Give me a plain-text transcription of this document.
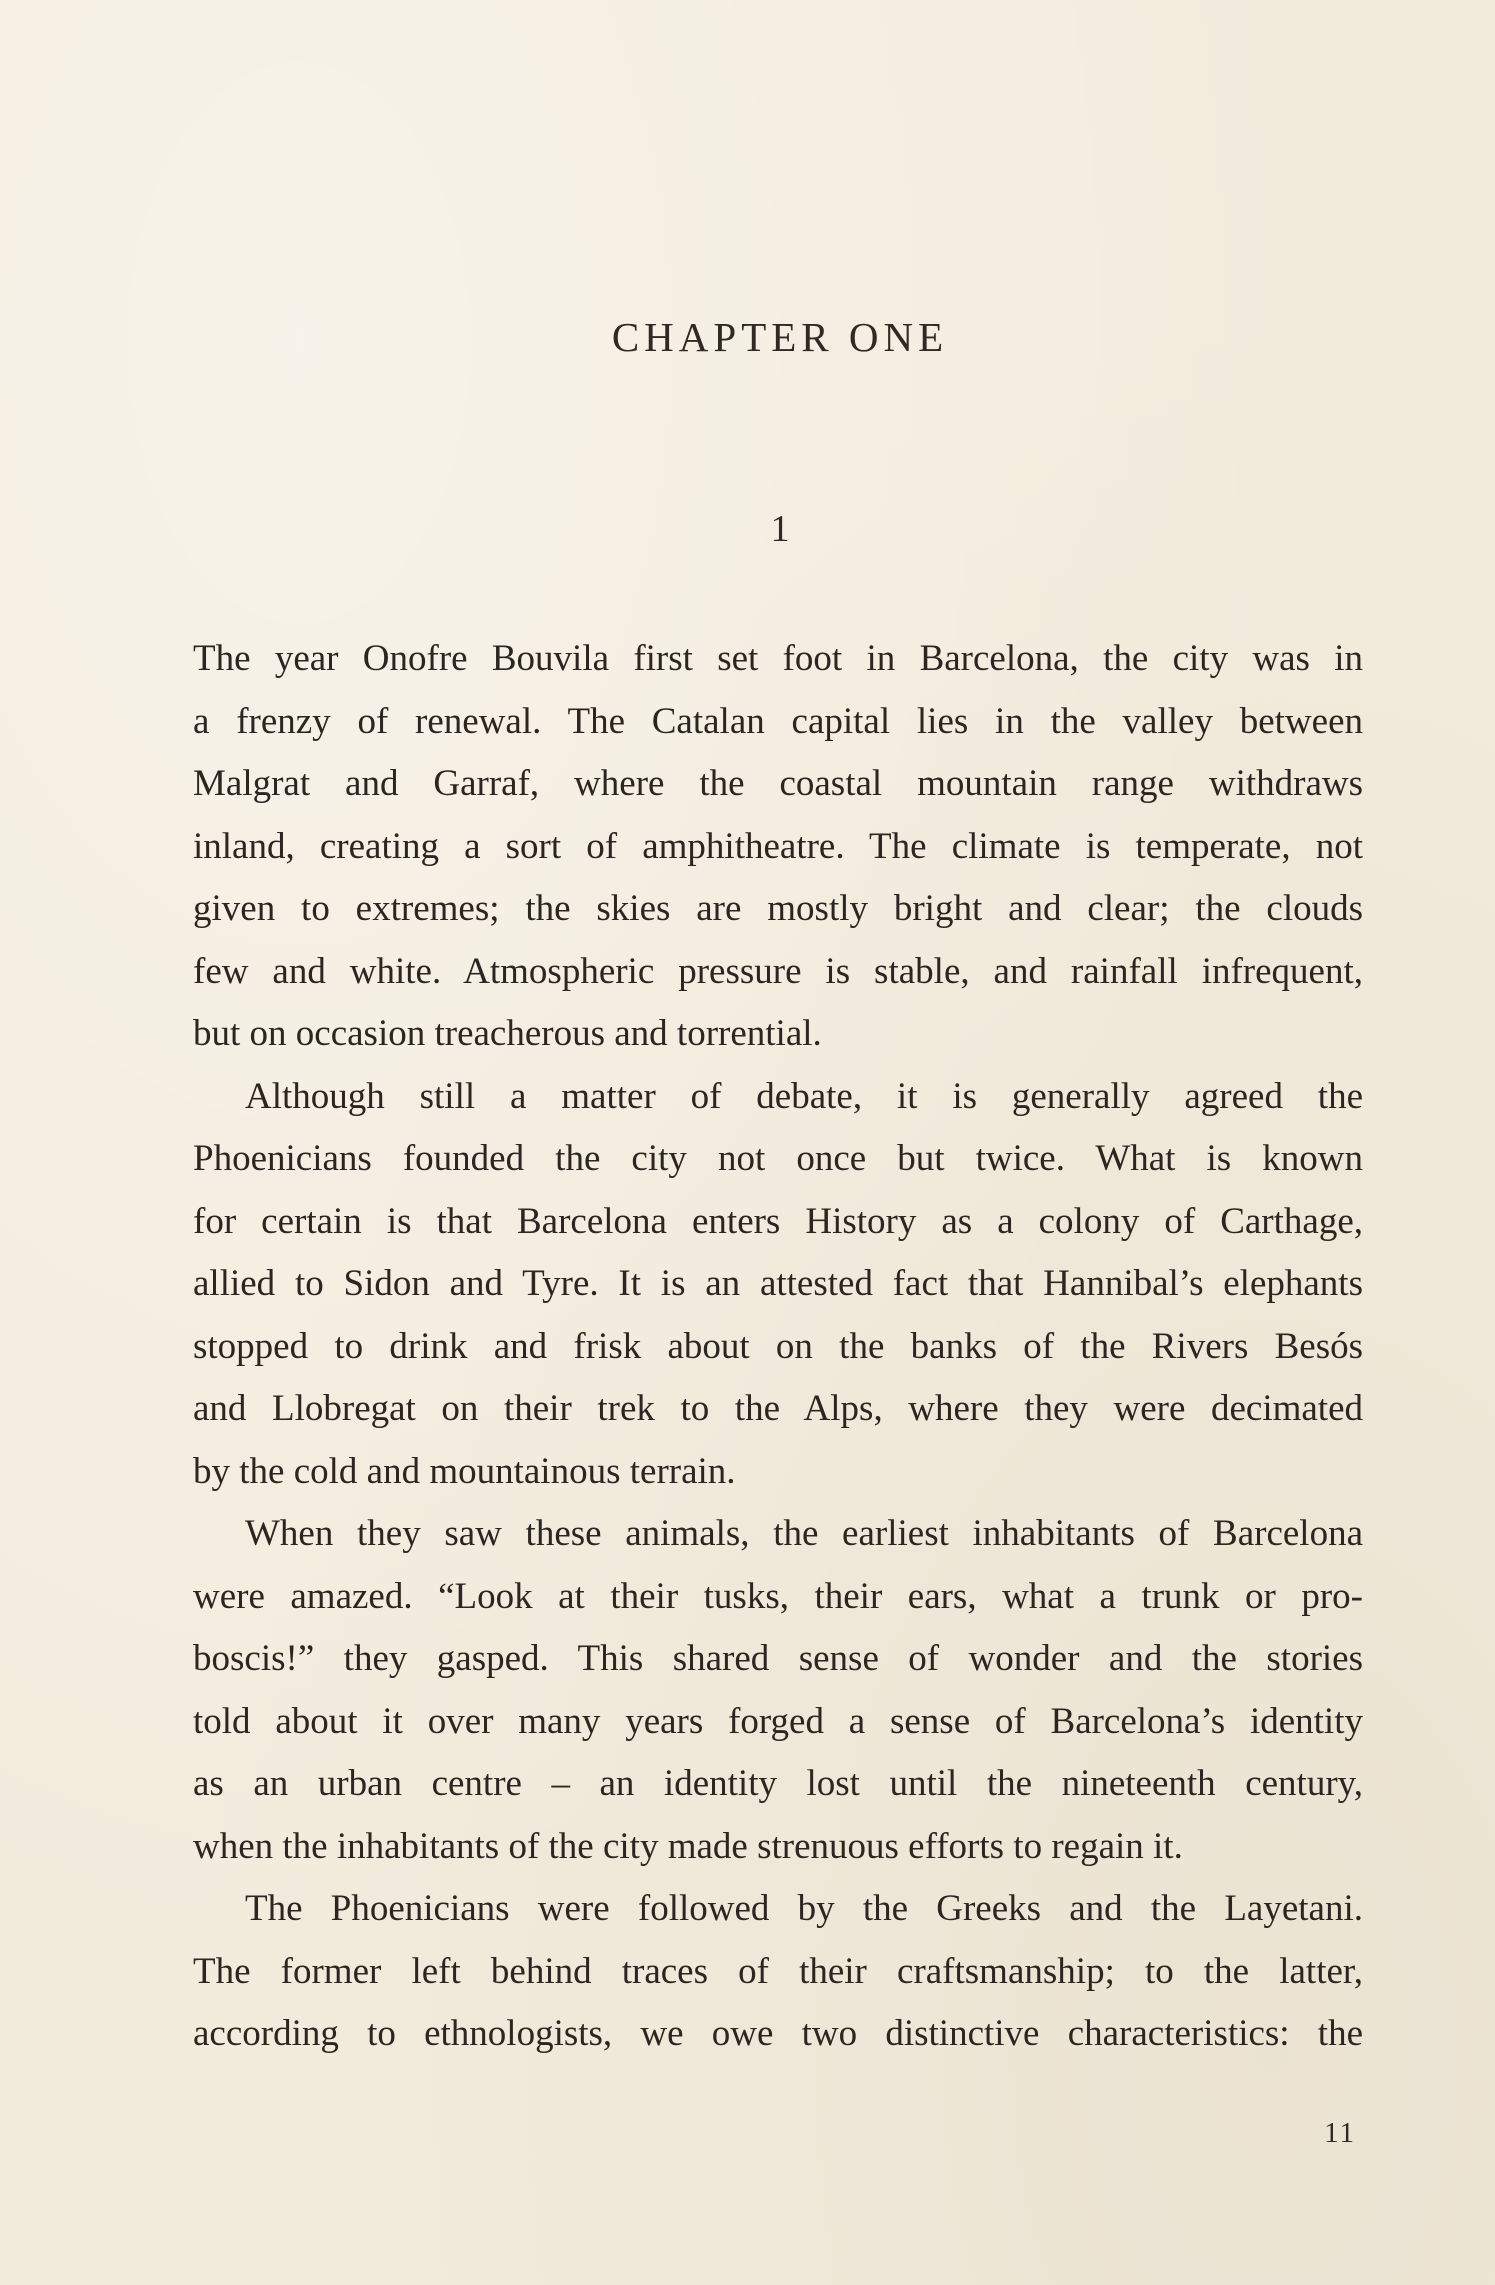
CHAPTER ONE
1

The year Onofre Bouvila first set foot in Barcelona, the city was in
a frenzy of renewal. The Catalan capital lies in the valley between
Malgrat and Garraf, where the coastal mountain range withdraws
inland, creating a sort of amphitheatre. The climate is temperate, not
given to extremes; the skies are mostly bright and clear; the clouds
few and white. Atmospheric pressure is stable, and rainfall infrequent,
but on occasion treacherous and torrential.

Although still a matter of debate, it is generally agreed the
Phoenicians founded the city not once but twice. What is known
for certain is that Barcelona enters History as a colony of Carthage,
allied to Sidon and Tyre. It is an attested fact that Hannibal’s elephants
stopped to drink and frisk about on the banks of the Rivers Besós
and Llobregat on their trek to the Alps, where they were decimated
by the cold and mountainous terrain.

When they saw these animals, the earliest inhabitants of Barcelona
were amazed. “Look at their tusks, their ears, what a trunk or pro-
boscis!” they gasped. This shared sense of wonder and the stories
told about it over many years forged a sense of Barcelona’s identity
as an urban centre – an identity lost until the nineteenth century,
when the inhabitants of the city made strenuous efforts to regain it.

The Phoenicians were followed by the Greeks and the Layetani.
The former left behind traces of their craftsmanship; to the latter,
according to ethnologists, we owe two distinctive characteristics: the

11
